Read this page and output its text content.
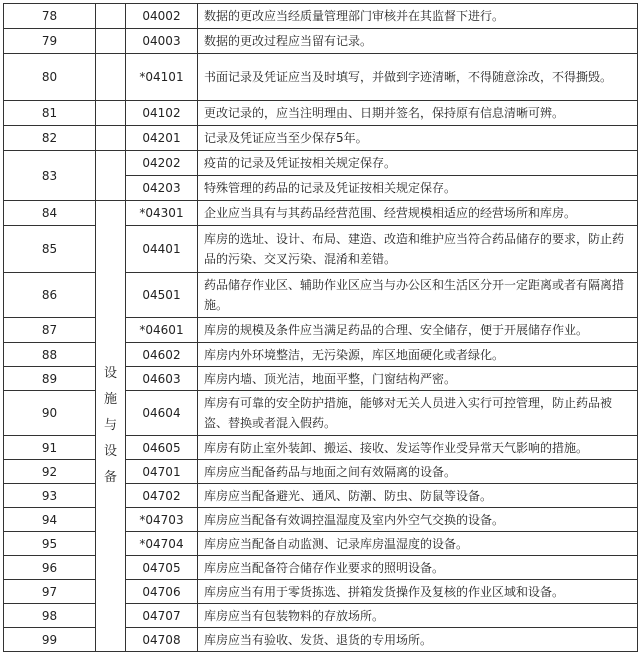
78		04002	数据的更改应当经质量管理部门审核并在其监督下进行。
79		04003	数据的更改过程应当留有记录。
80		*04101	书面记录及凭证应当及时填写，并做到字迹清晰，不得随意涂改，不得撕毁。
81		04102	更改记录的，应当注明理由、日期并签名，保持原有信息清晰可辨。
82		04201	记录及凭证应当至少保存5年。
83		04202	疫苗的记录及凭证按相关规定保存。
		04203	特殊管理的药品的记录及凭证按相关规定保存。
84	设施与设备	*04301	企业应当具有与其药品经营范围、经营规模相适应的经营场所和库房。
85		04401	库房的选址、设计、布局、建造、改造和维护应当符合药品储存的要求，防止药品的污染、交叉污染、混淆和差错。
86		04501	药品储存作业区、辅助作业区应当与办公区和生活区分开一定距离或者有隔离措施。
87		*04601	库房的规模及条件应当满足药品的合理、安全储存，便于开展储存作业。
88		04602	库房内外环境整洁，无污染源，库区地面硬化或者绿化。
89		04603	库房内墙、顶光洁，地面平整，门窗结构严密。
90		04604	库房有可靠的安全防护措施，能够对无关人员进入实行可控管理，防止药品被盗、替换或者混入假药。
91		04605	库房有防止室外装卸、搬运、接收、发运等作业受异常天气影响的措施。
92		04701	库房应当配备药品与地面之间有效隔离的设备。
93		04702	库房应当配备避光、通风、防潮、防虫、防鼠等设备。
94		*04703	库房应当配备有效调控温湿度及室内外空气交换的设备。
95		*04704	库房应当配备自动监测、记录库房温湿度的设备。
96		04705	库房应当配备符合储存作业要求的照明设备。
97		04706	库房应当有用于零货拣选、拼箱发货操作及复核的作业区域和设备。
98		04707	库房应当有包装物料的存放场所。
99		04708	库房应当有验收、发货、退货的专用场所。
